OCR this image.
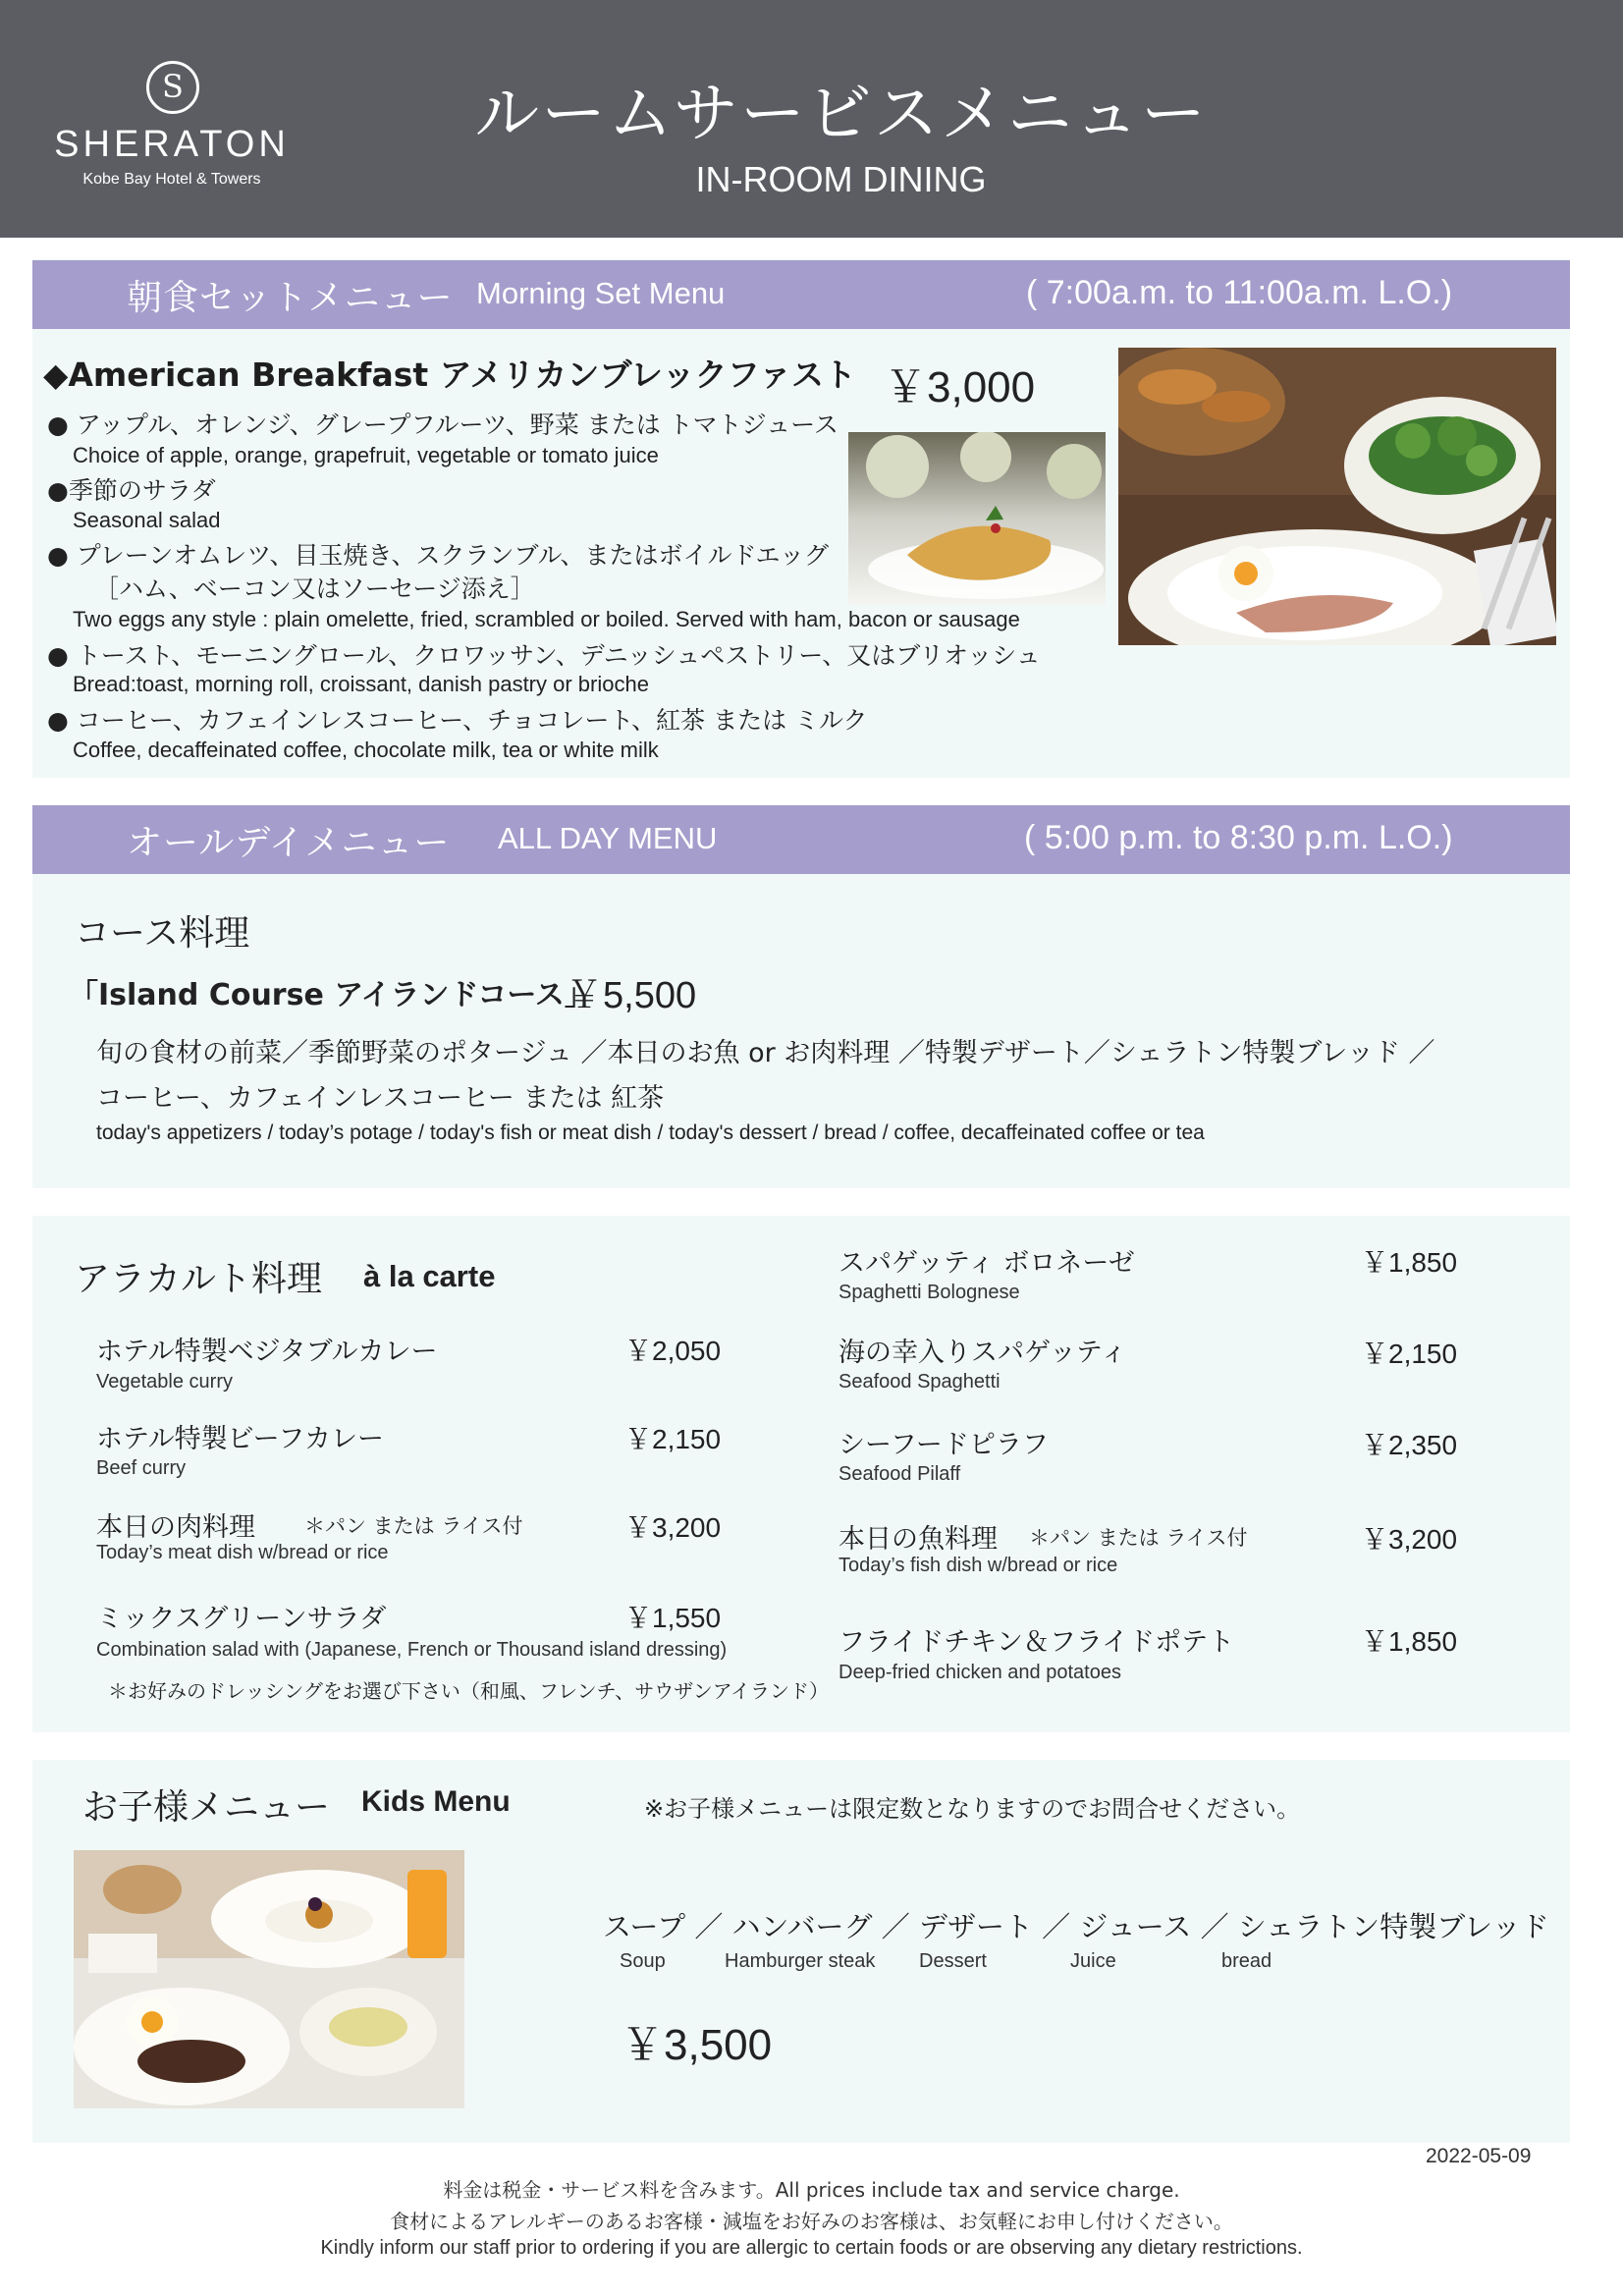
S
SHERATON
Kobe Bay Hotel & Towers
ルームサービスメニュー
IN-ROOM DINING
朝食セットメニュー Morning Set Menu	( 7:00a.m. to 11:00a.m. L.O.)
◆American Breakfast アメリカンブレックファスト ￥3,000
● アップル、オレンジ、グレープフルーツ、野菜 または トマトジュース
Choice of apple, orange, grapefruit, vegetable or tomato juice
●季節のサラダ
Seasonal salad
● プレーンオムレツ、目玉焼き、スクランブル、またはボイルドエッグ
［ハム、ベーコン又はソーセージ添え］
Two eggs any style : plain omelette, fried, scrambled or boiled. Served with ham, bacon or sausage
● トースト、モーニングロール、クロワッサン、デニッシュペストリー、又はブリオッシュ
Bread:toast, morning roll, croissant, danish pastry or brioche
● コーヒー、カフェインレスコーヒー、チョコレート、紅茶 または ミルク
Coffee, decaffeinated coffee, chocolate milk, tea or white milk
オールデイメニュー ALL DAY MENU	( 5:00 p.m. to 8:30 p.m. L.O.)
コース料理
「Island Course アイランドコース」
￥5,500
旬の食材の前菜／季節野菜のポタージュ ／本日のお魚 or お肉料理 ／特製デザート／シェラトン特製ブレッド ／
コーヒー、カフェインレスコーヒー または 紅茶
today's appetizers / today’s potage / today's fish or meat dish / today's dessert / bread / coffee, decaffeinated coffee or tea
アラカルト料理 à la carte
ホテル特製ベジタブルカレー
Vegetable curry
￥2,050
ホテル特製ビーフカレー
Beef curry
￥2,150
本日の肉料理 ＊パン または ライス付
Today’s meat dish w/bread or rice
￥3,200
ミックスグリーンサラダ
Combination salad with (Japanese, French or Thousand island dressing)
￥1,550
＊お好みのドレッシングをお選び下さい（和風、フレンチ、サウザンアイランド）
スパゲッティ ボロネーゼ
Spaghetti Bolognese
￥1,850
海の幸入りスパゲッティ
Seafood Spaghetti
￥2,150
シーフードピラフ
Seafood Pilaff
￥2,350
本日の魚料理 ＊パン または ライス付
Today’s fish dish w/bread or rice
￥3,200
フライドチキン＆フライドポテト
Deep-fried chicken and potatoes
￥1,850
お子様メニュー Kids Menu	※お子様メニューは限定数となりますのでお問合せください。
スープ ／ ハンバーグ ／ デザート ／ ジュース ／ シェラトン特製ブレッド
Soup	Hamburger steak Dessert	Juice	bread
￥3,500
2022-05-09
料金は税金・サービス料を含みます。All prices include tax and service charge.
食材によるアレルギーのあるお客様・減塩をお好みのお客様は、お気軽にお申し付けください。
Kindly inform our staff prior to ordering if you are allergic to certain foods or are observing any dietary restrictions.
